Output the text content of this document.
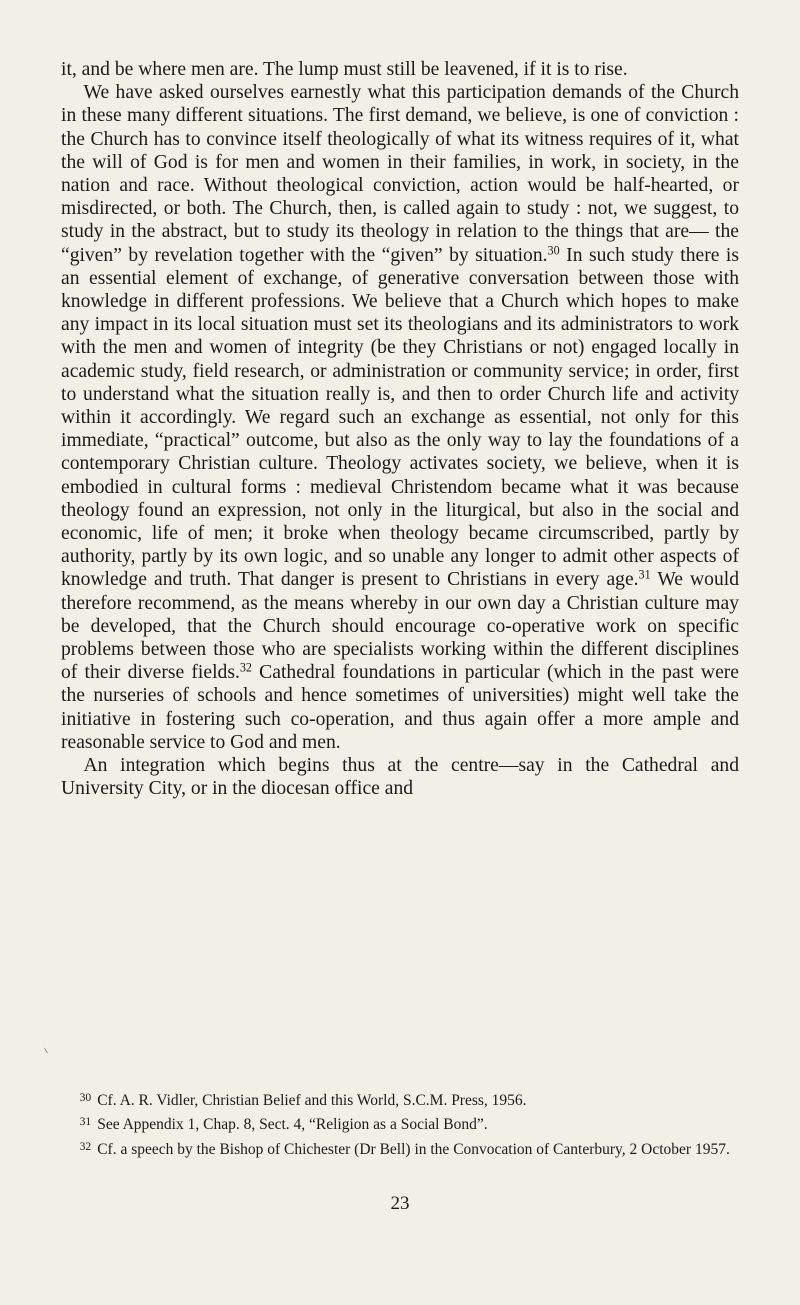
it, and be where men are. The lump must still be leavened, if it is to rise.

We have asked ourselves earnestly what this participation demands of the Church in these many different situations. The first demand, we believe, is one of conviction : the Church has to convince itself theologically of what its witness requires of it, what the will of God is for men and women in their families, in work, in society, in the nation and race. Without theological conviction, action would be half-hearted, or misdirected, or both. The Church, then, is called again to study : not, we suggest, to study in the abstract, but to study its theology in relation to the things that are— the “given” by revelation together with the “given” by situation.$^{30}$ In such study there is an essential element of exchange, of generative conversation between those with knowledge in different professions. We believe that a Church which hopes to make any impact in its local situation must set its theologians and its administrators to work with the men and women of integrity (be they Christians or not) engaged locally in academic study, field research, or administration or community service; in order, first to understand what the situation really is, and then to order Church life and activity within it accordingly. We regard such an exchange as essential, not only for this immediate, “practical” outcome, but also as the only way to lay the foundations of a contemporary Christian culture. Theology activates society, we believe, when it is embodied in cultural forms : medieval Christendom became what it was because theology found an expression, not only in the liturgical, but also in the social and economic, life of men; it broke when theology became circumscribed, partly by authority, partly by its own logic, and so unable any longer to admit other aspects of knowledge and truth. That danger is present to Christians in every age.$^{31}$ We would therefore recommend, as the means whereby in our own day a Christian culture may be developed, that the Church should encourage co-operative work on specific problems between those who are specialists working within the different disciplines of their diverse fields.$^{32}$ Cathedral foundations in particular (which in the past were the nurseries of schools and hence sometimes of universities) might well take the initiative in fostering such co-operation, and thus again offer a more ample and reasonable service to God and men.

An integration which begins thus at the centre—say in the Cathedral and University City, or in the diocesan office and

$^{30}$ Cf. A. R. Vidler, Christian Belief and this World, S.C.M. Press, 1956.

$^{31}$ See Appendix 1, Chap. 8, Sect. 4, “Religion as a Social Bond”.

$^{32}$ Cf. a speech by the Bishop of Chichester (Dr Bell) in the Convocation of Canterbury, 2 October 1957.

23
